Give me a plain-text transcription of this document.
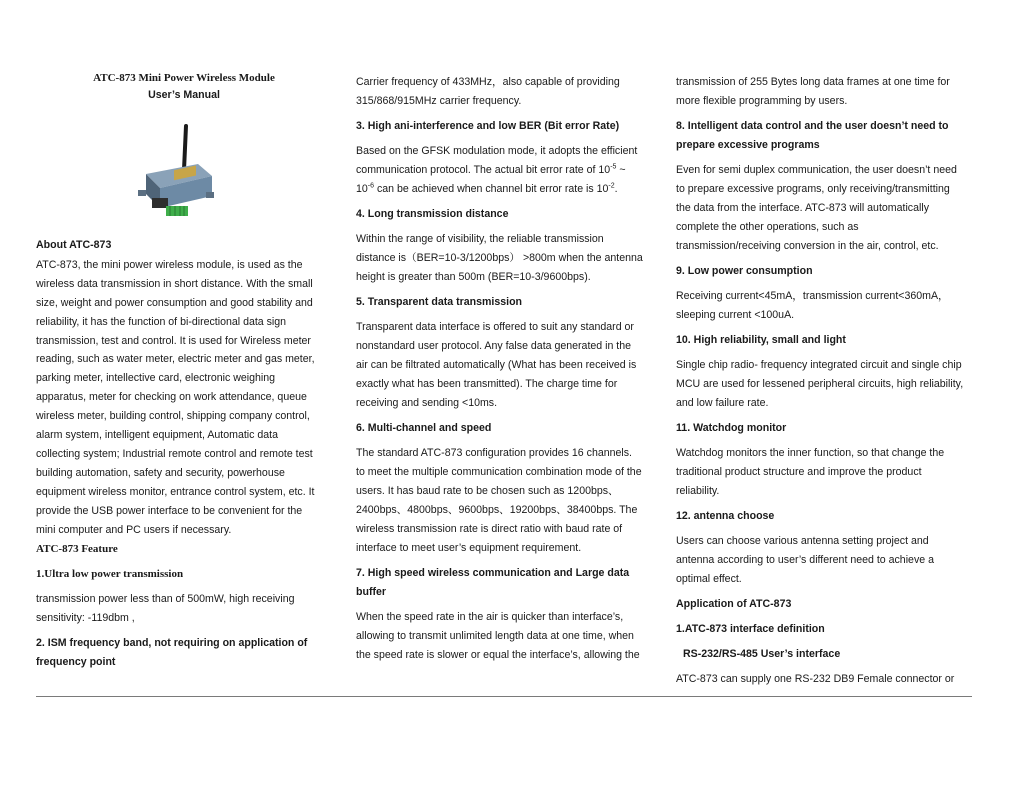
ATC-873 Mini Power Wireless Module
User’s Manual
About ATC-873
ATC-873, the mini power wireless module, is used as the
wireless data transmission in short distance. With the small
size, weight and power consumption and good stability and
reliability, it has the function of bi-directional data sign
transmission, test and control. It is used for Wireless meter
reading, such as water meter, electric meter and gas meter,
parking meter, intellective card, electronic weighing
apparatus, meter for checking on work attendance, queue
wireless meter, building control, shipping company control,
alarm system, intelligent equipment, Automatic data
collecting system; Industrial remote control and remote test
building automation, safety and security, powerhouse
equipment wireless monitor, entrance control system, etc. It
provide the USB power interface to be convenient for the
mini computer and PC users if necessary.
ATC-873 Feature
1.Ultra low power transmission
transmission power less than of 500mW, high receiving
sensitivity: -119dbm ,
2. ISM frequency band, not requiring on application of
frequency point
Carrier frequency of 433MHz，also capable of providing
315/868/915MHz carrier frequency.
3. High ani-interference and low BER (Bit error Rate)
Based on the GFSK modulation mode, it adopts the efficient
communication protocol. The actual bit error rate of $10^{-5}$ ~
$10^{-6}$ can be achieved when channel bit error rate is $10^{-2}$.
4. Long transmission distance
Within the range of visibility, the reliable transmission
distance is（BER=10-3/1200bps） >800m when the antenna
height is greater than 500m (BER=10-3/9600bps).
5. Transparent data transmission
Transparent data interface is offered to suit any standard or
nonstandard user protocol. Any false data generated in the
air can be filtrated automatically (What has been received is
exactly what has been transmitted). The charge time for
receiving and sending <10ms.
6. Multi-channel and speed
The standard ATC-873 configuration provides 16 channels.
to meet the multiple communication combination mode of the
users. It has baud rate to be chosen such as 1200bps、
2400bps、4800bps、9600bps、19200bps、38400bps. The
wireless transmission rate is direct ratio with baud rate of
interface to meet user’s equipment requirement.
7. High speed wireless communication and Large data
buffer
When the speed rate in the air is quicker than interface’s,
allowing to transmit unlimited length data at one time, when
the speed rate is slower or equal the interface’s, allowing the
transmission of 255 Bytes long data frames at one time for
more flexible programming by users.
8. Intelligent data control and the user doesn’t need to
prepare excessive programs
Even for semi duplex communication, the user doesn’t need
to prepare excessive programs, only receiving/transmitting
the data from the interface. ATC-873 will automatically
complete the other operations, such as
transmission/receiving conversion in the air, control, etc.
9. Low power consumption
Receiving current<45mA，transmission current<360mA，
sleeping current <100uA.
10. High reliability, small and light
Single chip radio- frequency integrated circuit and single chip
MCU are used for lessened peripheral circuits, high reliability,
and low failure rate.
11. Watchdog monitor
Watchdog monitors the inner function, so that change the
traditional product structure and improve the product
reliability.
12. antenna choose
Users can choose various antenna setting project and
antenna according to user’s different need to achieve a
optimal effect.
Application of ATC-873
1.ATC-873 interface definition
RS-232/RS-485 User’s interface
ATC-873 can supply one RS-232 DB9 Female connector or
